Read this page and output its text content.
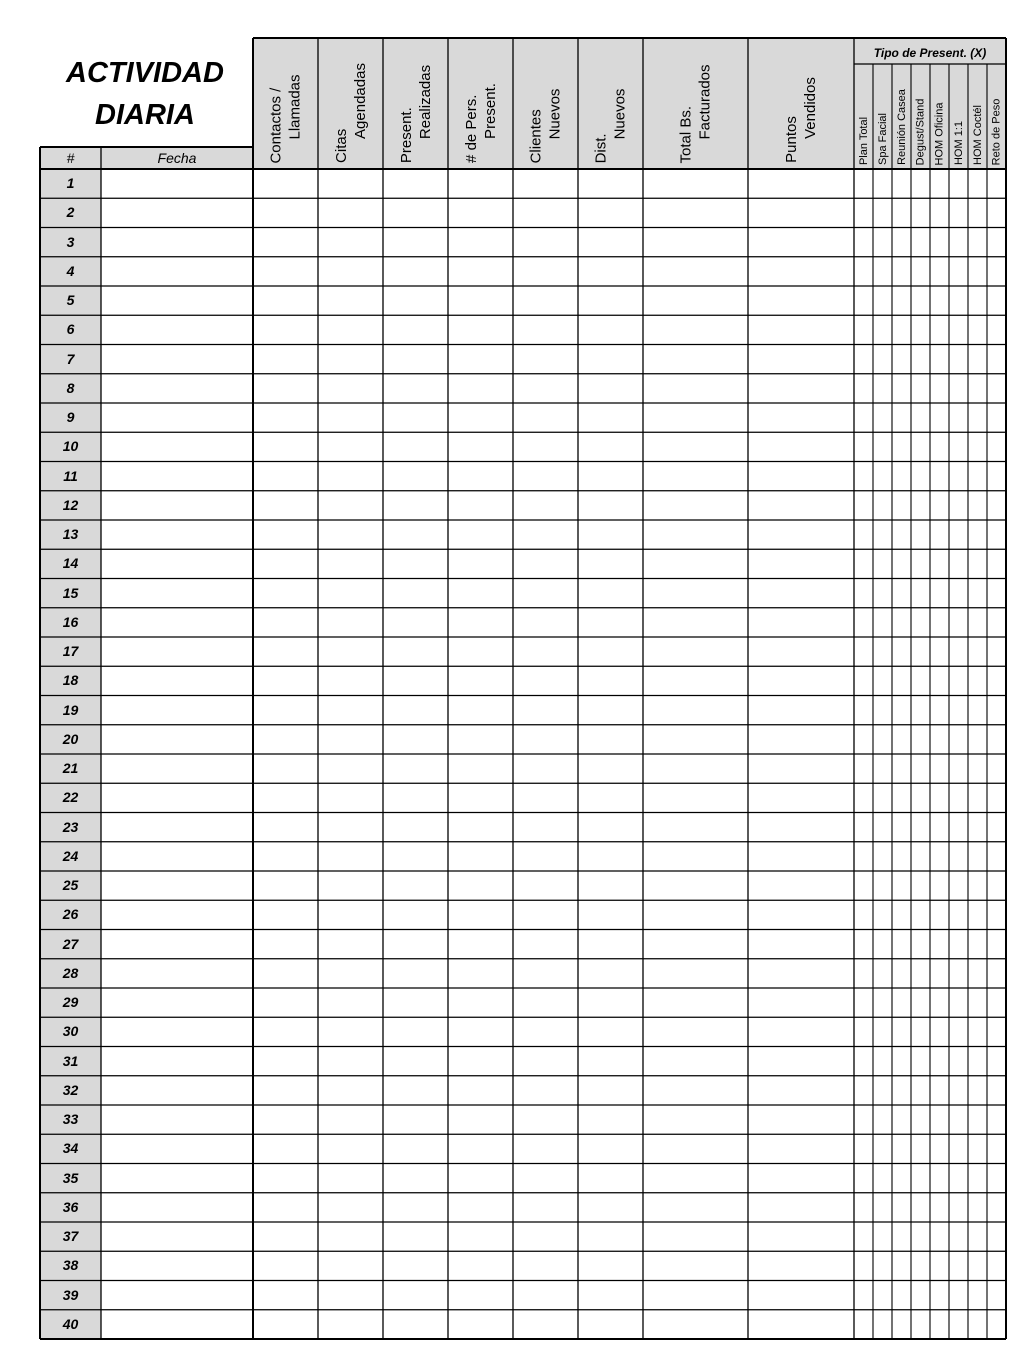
ACTIVIDAD
DIARIA
#	Fecha
Tipo de Present. (X)
Contactos / Llamadas
Citas
Agendadas Present. Realizadas # de Pers. Present. Clientes Nuevos
Dist.
Nuevos	Total Bs. Facturados
Puntos
Vendidos
Plan Total Spa Facial Reunión Casea Degust/Stand HOM Oficina HOM 1:1 HOM Coctél Reto de Peso
1
2
3
4
5
6
7
8
9
10
11
12
13
14
15
16
17
18
19
20
21
22
23
24
25
26
27
28
29
30
31
32
33
34
35
36
37
38
39
40
